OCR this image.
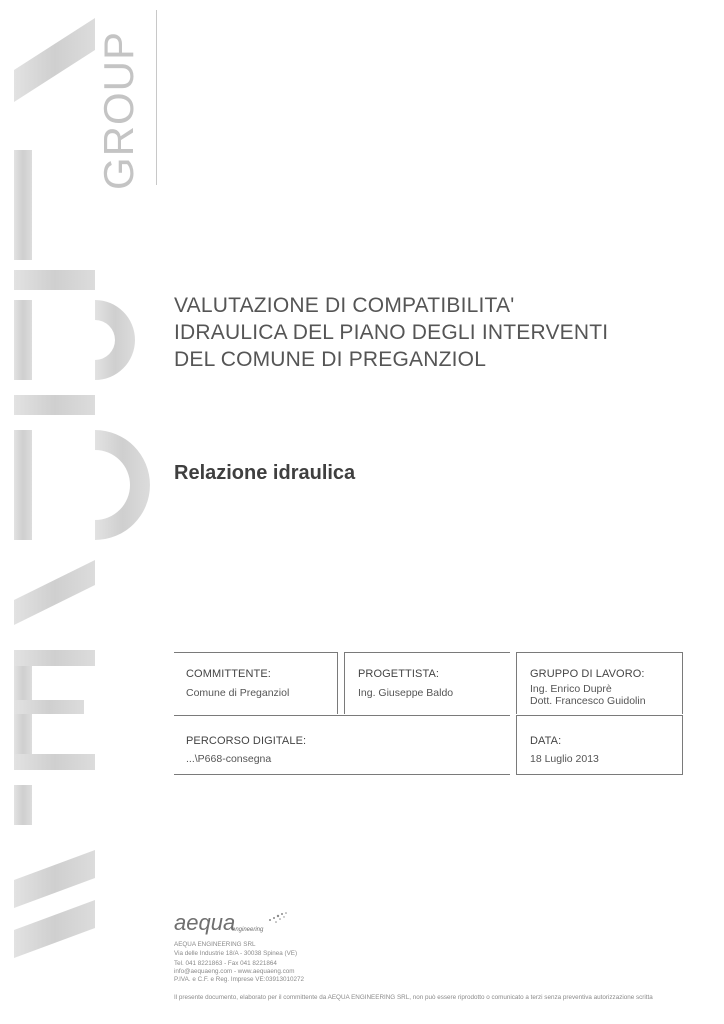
GROUP
VALUTAZIONE DI COMPATIBILITA'
IDRAULICA DEL PIANO DEGLI INTERVENTI
DEL COMUNE DI PREGANZIOL
Relazione idraulica
COMMITTENTE:
Comune di Preganziol
PROGETTISTA:
Ing. Giuseppe Baldo
GRUPPO DI LAVORO:
Ing. Enrico Duprè
Dott. Francesco Guidolin
PERCORSO DIGITALE:
...\P668-consegna
DATA:
18 Luglio 2013
aequa
engineering
AEQUA ENGINEERING SRL
Via delle Industrie 18/A - 30038 Spinea (VE)
Tel. 041 8221863 - Fax 041 8221864
info@aequaeng.com - www.aequaeng.com
P.IVA. e C.F. e Reg. Imprese VE:03913010272
Il presente documento, elaborato per il committente da AEQUA ENGINEERING SRL, non può essere riprodotto o comunicato a terzi senza preventiva autorizzazione scritta
